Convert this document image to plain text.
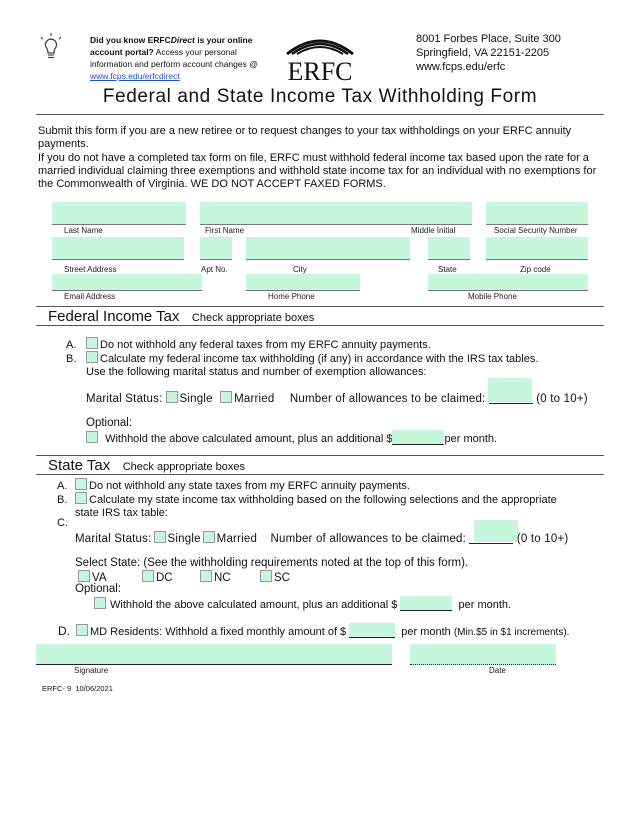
Did you know ERFCDirect is your online
account portal? Access your personal
information and perform account changes @
www.fcps.edu/erfcdirect	ERFC
8001 Forbes Place, Suite 300
Springfield, VA 22151-2205
www.fcps.edu/erfc
Federal and State Income Tax Withholding Form
Submit this form if you are a new retiree or to request changes to your tax withholdings on your ERFC annuity payments.
If you do not have a completed tax form on file, ERFC must withhold federal income tax based upon the rate for a married individual claiming three exemptions and withhold state income tax for an individual with no exemptions for the Commonwealth of Virginia. WE DO NOT ACCEPT FAXED FORMS.
Last Name	First Name	Middle Initial	Social Security Number
Street Address	Apt No.	City	State	Zip code
Email Address	Home Phone	Mobile Phone
Federal Income Tax Check appropriate boxes
A. Do not withhold any federal taxes from my ERFC annuity payments.
B. Calculate my federal income tax withholding (if any) in accordance with the IRS tax tables.
Use the following marital status and number of exemption allowances:
Marital Status: Single Married Number of allowances to be claimed:	(0 to 10+)
Optional:
Withhold the above calculated amount, plus an additional $	per month.
State Tax Check appropriate boxes
A. Do not withhold any state taxes from my ERFC annuity payments.
B. Calculate my state income tax withholding based on the following selections and the appropriate
state IRS tax table:
C.
Marital Status: Single Married Number of allowances to be claimed:	(0 to 10+)
Select State: (See the withholding requirements noted at the top of this form).
VA	DC	NC	SC
Optional:
Withhold the above calculated amount, plus an additional $	per month.
D. MD Residents: Withhold a fixed monthly amount of $	per month (Min.$5 in $1 increments).
Signature	Date
ERFC- 9 10/06/2021
